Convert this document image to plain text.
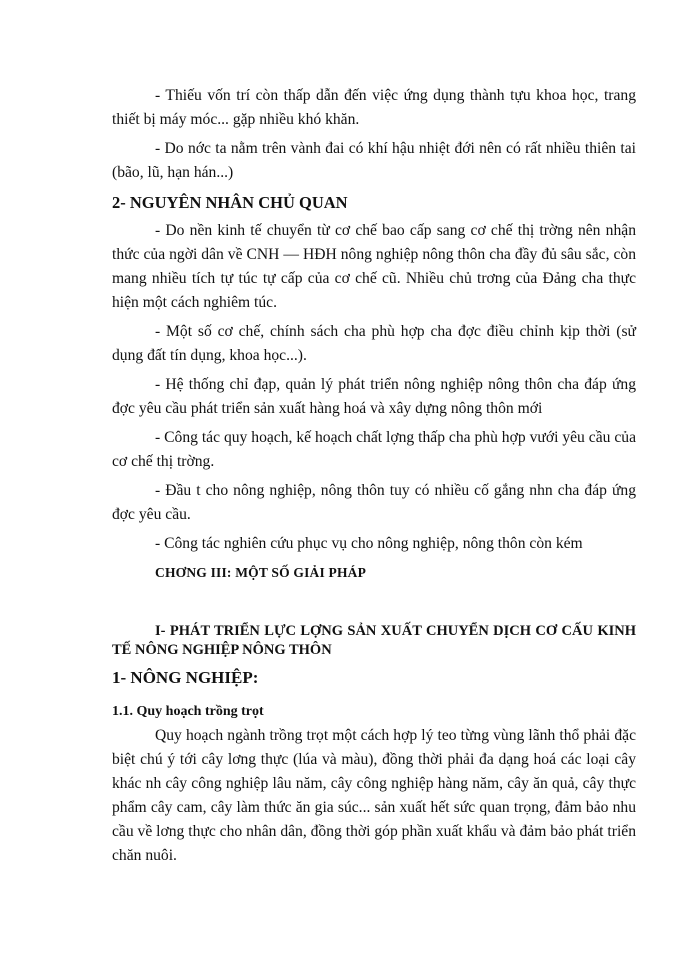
- Thiếu vốn trí còn thấp dẫn đến việc ứng dụng thành tựu khoa học, trang thiết bị máy móc... gặp nhiều khó khăn.

- Do nớc ta nằm trên vành đai có khí hậu nhiệt đới nên có rất nhiều thiên tai (bão, lũ, hạn hán...)

2- NGUYÊN NHÂN CHỦ QUAN

- Do nền kinh tế chuyển từ cơ chế bao cấp sang cơ chế thị trờng nên nhận thức của ngời dân về CNH — HĐH nông nghiệp nông thôn cha đầy đủ sâu sắc, còn mang nhiều tích tự túc tự cấp của cơ chế cũ. Nhiều chủ trơng của Đảng cha thực hiện một cách nghiêm túc.

- Một số cơ chế, chính sách cha phù hợp cha đợc điều chỉnh kịp thời (sử dụng đất tín dụng, khoa học...).

- Hệ thống chỉ đạp, quản lý phát triển nông nghiệp nông thôn cha đáp ứng đợc yêu cầu phát triển sản xuất hàng hoá và xây dựng nông thôn mới

- Công tác quy hoạch, kế hoạch chất lợng thấp cha phù hợp vưới yêu cầu của cơ chế thị trờng.

- Đầu t cho nông nghiệp, nông thôn tuy có nhiều cố gắng nhn cha đáp ứng đợc yêu cầu.

- Công tác nghiên cứu phục vụ cho nông nghiệp, nông thôn còn kém

CHƠNG III: MỘT SỐ GIẢI PHÁP
I- PHÁT TRIỂN LỰC LỢNG SẢN XUẤT CHUYỂN DỊCH CƠ CẤU KINH TẾ NÔNG NGHIỆP NÔNG THÔN
1- NÔNG NGHIỆP:
1.1. Quy hoạch trồng trọt

Quy hoạch ngành trồng trọt một cách hợp lý teo từng vùng lãnh thổ phải đặc biệt chú ý tới cây lơng thực (lúa và màu), đồng thời phải đa dạng hoá các loại cây khác nh cây công nghiệp lâu năm, cây công nghiệp hàng năm, cây ăn quả, cây thực phẩm cây cam, cây làm thức ăn gia súc... sản xuất hết sức quan trọng, đảm bảo nhu cầu về lơng thực cho nhân dân, đồng thời góp phần xuất khẩu và đảm bảo phát triển chăn nuôi.
